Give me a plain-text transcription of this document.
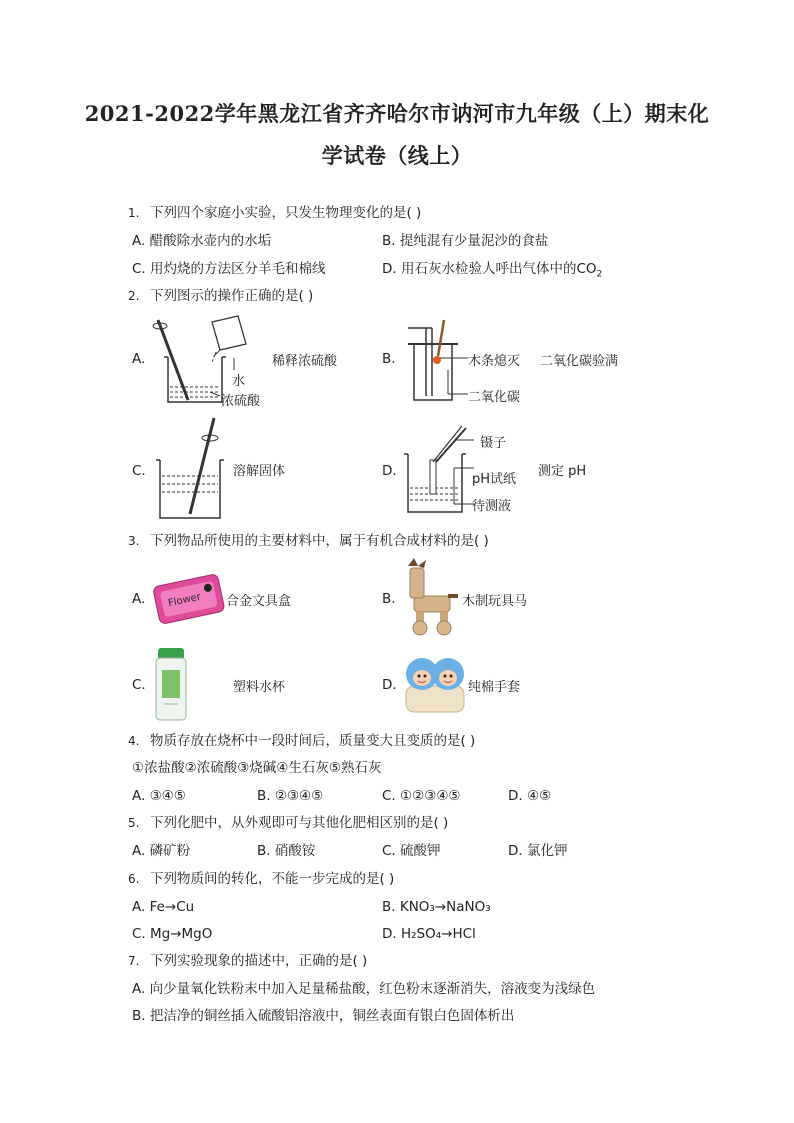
2021-2022学年黑龙江省齐齐哈尔市讷河市九年级（上）期末化
学试卷（线上）
1. 下列四个家庭小实验，只发生物理变化的是( )
A. 醋酸除水壶内的水垢	B. 提纯混有少量泥沙的食盐
C. 用灼烧的方法区分羊毛和棉线	D. 用石灰水检验人呼出气体中的$CO_2$
2. 下列图示的操作正确的是( )
A.
水
浓硫酸
稀释浓硫酸	B.	木条熄灭
二氧化碳
二氧化碳验满
C.	溶解固体	D.
镊子
pH试纸
待测液
测定 pH
3. 下列物品所使用的主要材料中，属于有机合成材料的是( )
A. Flower 合金文具盒	B.	木制玩具马
C.	塑料水杯	D.	纯棉手套
4. 物质存放在烧杯中一段时间后，质量变大且变质的是( )
①浓盐酸②浓硫酸③烧碱④生石灰⑤熟石灰
A. ③④⑤	B. ②③④⑤	C. ①②③④⑤	D. ④⑤
5. 下列化肥中，从外观即可与其他化肥相区别的是( )
A. 磷矿粉	B. 硝酸铵	C. 硫酸钾	D. 氯化钾
6. 下列物质间的转化，不能一步完成的是( )
A. Fe→Cu	B. KNO₃→NaNO₃
C. Mg→MgO	D. H₂SO₄→HCl
7. 下列实验现象的描述中，正确的是( )
A. 向少量氧化铁粉末中加入足量稀盐酸，红色粉末逐渐消失，溶液变为浅绿色
B. 把洁净的铜丝插入硫酸铝溶液中，铜丝表面有银白色固体析出
